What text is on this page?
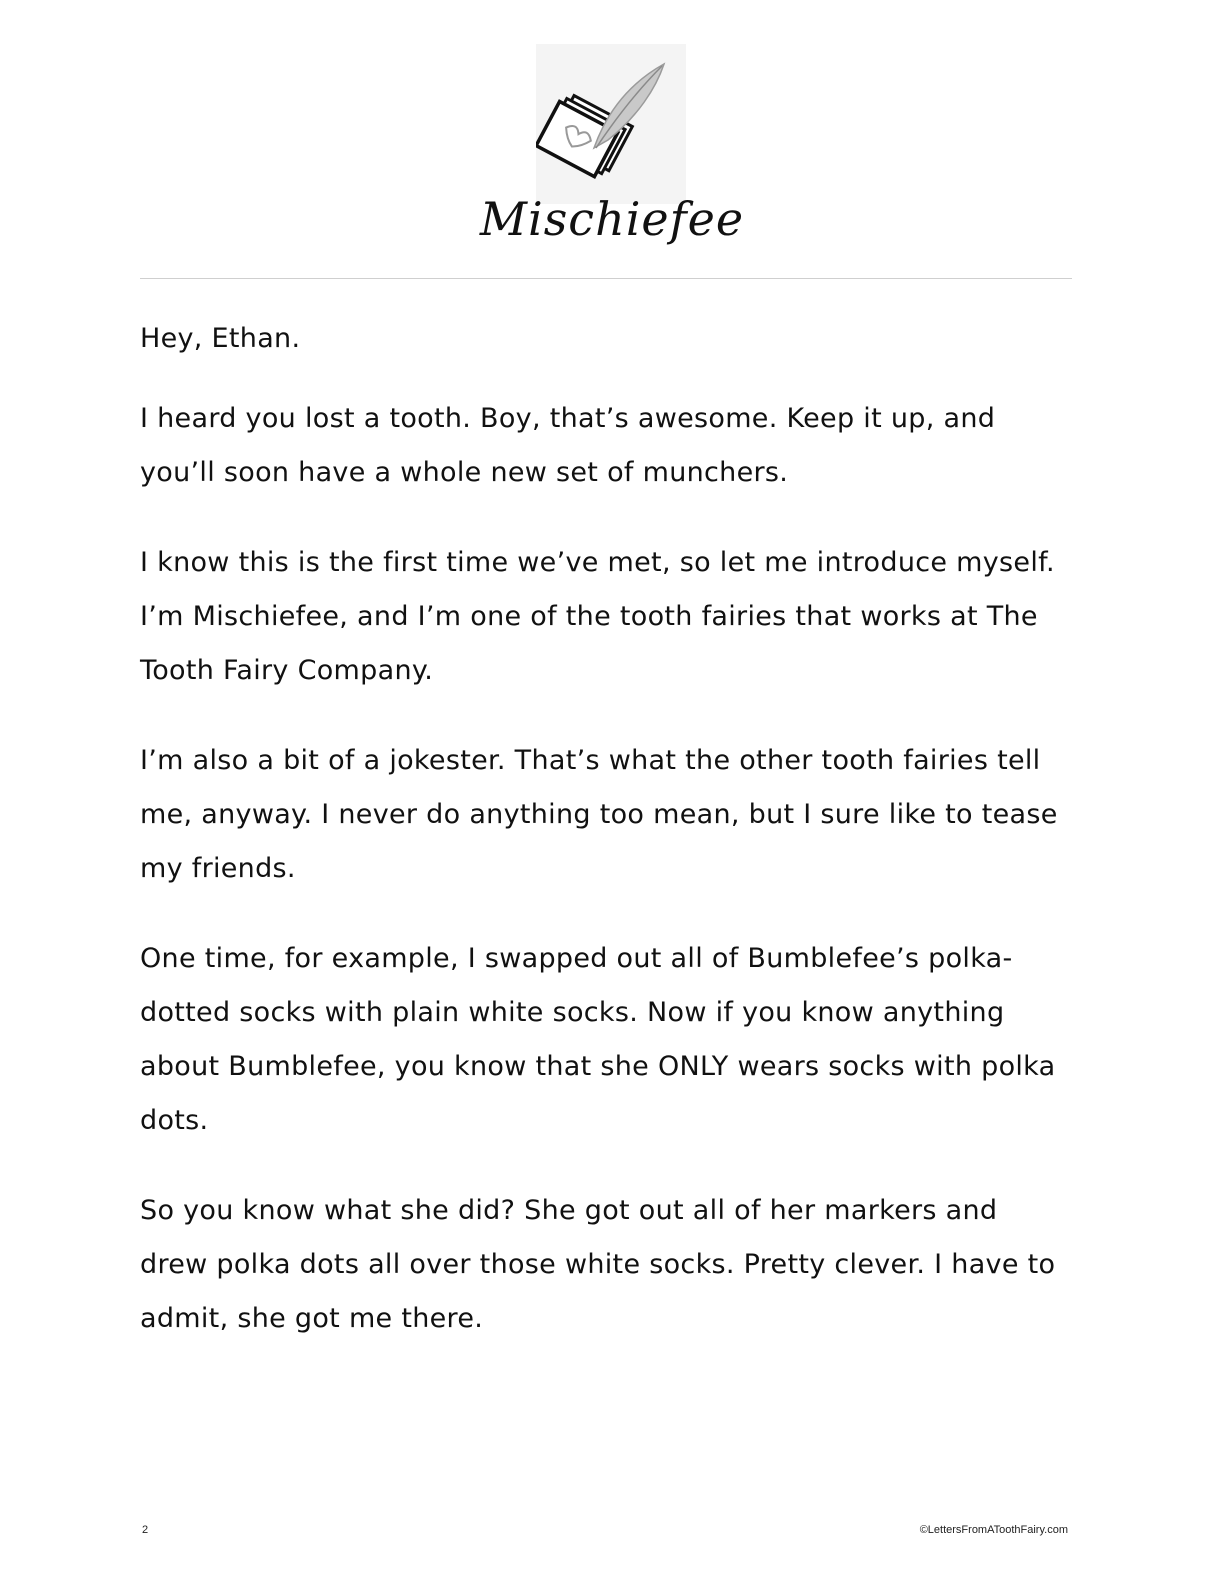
Mischiefee

Hey, Ethan.

I heard you lost a tooth. Boy, that’s awesome. Keep it up, and you’ll soon have a whole new set of munchers.

I know this is the first time we’ve met, so let me introduce myself. I’m Mischiefee, and I’m one of the tooth fairies that works at The Tooth Fairy Company.

I’m also a bit of a jokester. That’s what the other tooth fairies tell me, anyway. I never do anything too mean, but I sure like to tease my friends.

One time, for example, I swapped out all of Bumblefee’s polka-dotted socks with plain white socks. Now if you know anything about Bumblefee, you know that she ONLY wears socks with polka dots.

So you know what she did? She got out all of her markers and drew polka dots all over those white socks. Pretty clever. I have to admit, she got me there.

2	©LettersFromAToothFairy.com
